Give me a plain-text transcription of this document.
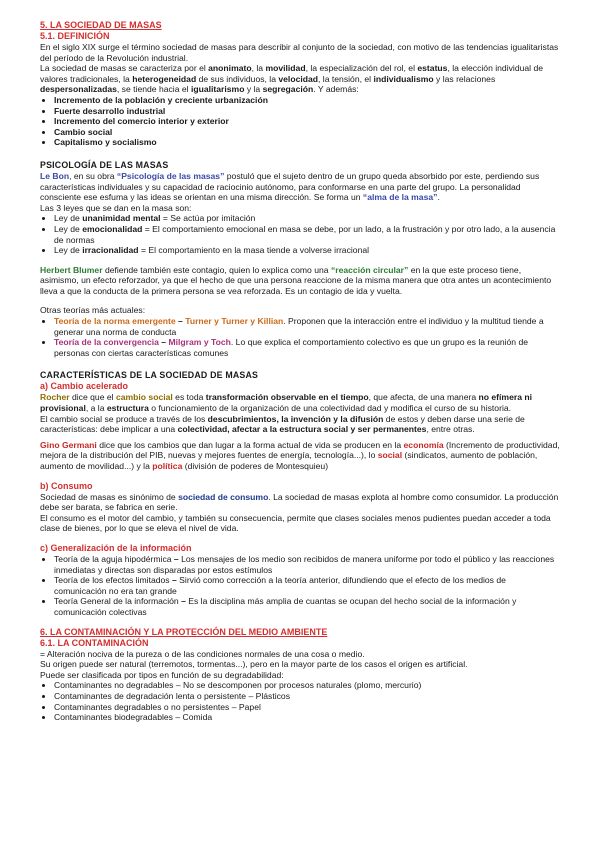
5. LA SOCIEDAD DE MASAS
5.1. DEFINICIÓN

En el siglo XIX surge el término sociedad de masas para describir al conjunto de la sociedad, con motivo de las tendencias igualitaristas del período de la Revolución industrial.

La sociedad de masas se caracteriza por el anonimato, la movilidad, la especialización del rol, el estatus, la elección individual de valores tradicionales, la heterogeneidad de sus individuos, la velocidad, la tensión, el individualismo y las relaciones despersonalizadas, se tiende hacia el igualitarismo y la segregación. Y además:

• Incremento de la población y creciente urbanización
• Fuerte desarrollo industrial
• Incremento del comercio interior y exterior
• Cambio social
• Capitalismo y socialismo
PSICOLOGÍA DE LAS MASAS

Le Bon, en su obra “Psicología de las masas” postuló que el sujeto dentro de un grupo queda absorbido por este, perdiendo sus características individuales y su capacidad de raciocinio autónomo, para conformarse en una parte del grupo. La personalidad consciente ese esfuma y las ideas se orientan en una misma dirección. Se forma un “alma de la masa”.

Las 3 leyes que se dan en la masa son:

• Ley de unanimidad mental = Se actúa por imitación
• Ley de emocionalidad = El comportamiento emocional en masa se debe, por un lado, a la frustración y por otro lado, a la ausencia de normas
• Ley de irracionalidad = El comportamiento en la masa tiende a volverse irracional

Herbert Blumer defiende también este contagio, quien lo explica como una “reacción circular” en la que este proceso tiene, asimismo, un efecto reforzador, ya que el hecho de que una persona reaccione de la misma manera que otra antes un acontecimiento lleva a que la conducta de la primera persona se vea reforzada. Es un contagio de ida y vuelta.

Otras teorías más actuales:

• Teoría de la norma emergente – Turner y Turner y Killian. Proponen que la interacción entre el individuo y la multitud tiende a generar una norma de conducta
• Teoría de la convergencia – Milgram y Toch. Lo que explica el comportamiento colectivo es que un grupo es la reunión de personas con ciertas características comunes
CARACTERÍSTICAS DE LA SOCIEDAD DE MASAS
a) Cambio acelerado

Rocher dice que el cambio social es toda transformación observable en el tiempo, que afecta, de una manera no efímera ni provisional, a la estructura o funcionamiento de la organización de una colectividad dad y modifica el curso de su historia.

El cambio social se produce a través de los descubrimientos, la invención y la difusión de estos y deben darse una serie de características: debe implicar a una colectividad, afectar a la estructura social y ser permanentes, entre otras.

Gino Germani dice que los cambios que dan lugar a la forma actual de vida se producen en la economía (Incremento de productividad, mejora de la distribución del PIB, nuevas y mejores fuentes de energía, tecnología...), lo social (sindicatos, aumento de población, aumento de movilidad...) y la política (división de poderes de Montesquieu)

b) Consumo

Sociedad de masas es sinónimo de sociedad de consumo. La sociedad de masas explota al hombre como consumidor. La producción debe ser barata, se fabrica en serie.

El consumo es el motor del cambio, y también su consecuencia, permite que clases sociales menos pudientes puedan acceder a toda clase de bienes, por lo que se eleva el nivel de vida.

c) Generalización de la información
• Teoría de la aguja hipodérmica – Los mensajes de los medio son recibidos de manera uniforme por todo el público y las reacciones inmediatas y directas son disparadas por estos estímulos
• Teoría de los efectos limitados – Sirvió como corrección a la teoría anterior, difundiendo que el efecto de los medios de comunicación no era tan grande
• Teoría General de la información – Es la disciplina más amplia de cuantas se ocupan del hecho social de la información y comunicación colectivas
6. LA CONTAMINACIÓN Y LA PROTECCIÓN DEL MEDIO AMBIENTE
6.1. LA CONTAMINACIÓN

= Alteración nociva de la pureza o de las condiciones normales de una cosa o medio.

Su origen puede ser natural (terremotos, tormentas...), pero en la mayor parte de los casos el origen es artificial.

Puede ser clasificada por tipos en función de su degradabilidad:

• Contaminantes no degradables – No se descomponen por procesos naturales (plomo, mercurio)
• Contaminantes de degradación lenta o persistente – Plásticos
• Contaminantes degradables o no persistentes – Papel
• Contaminantes biodegradables – Comida
